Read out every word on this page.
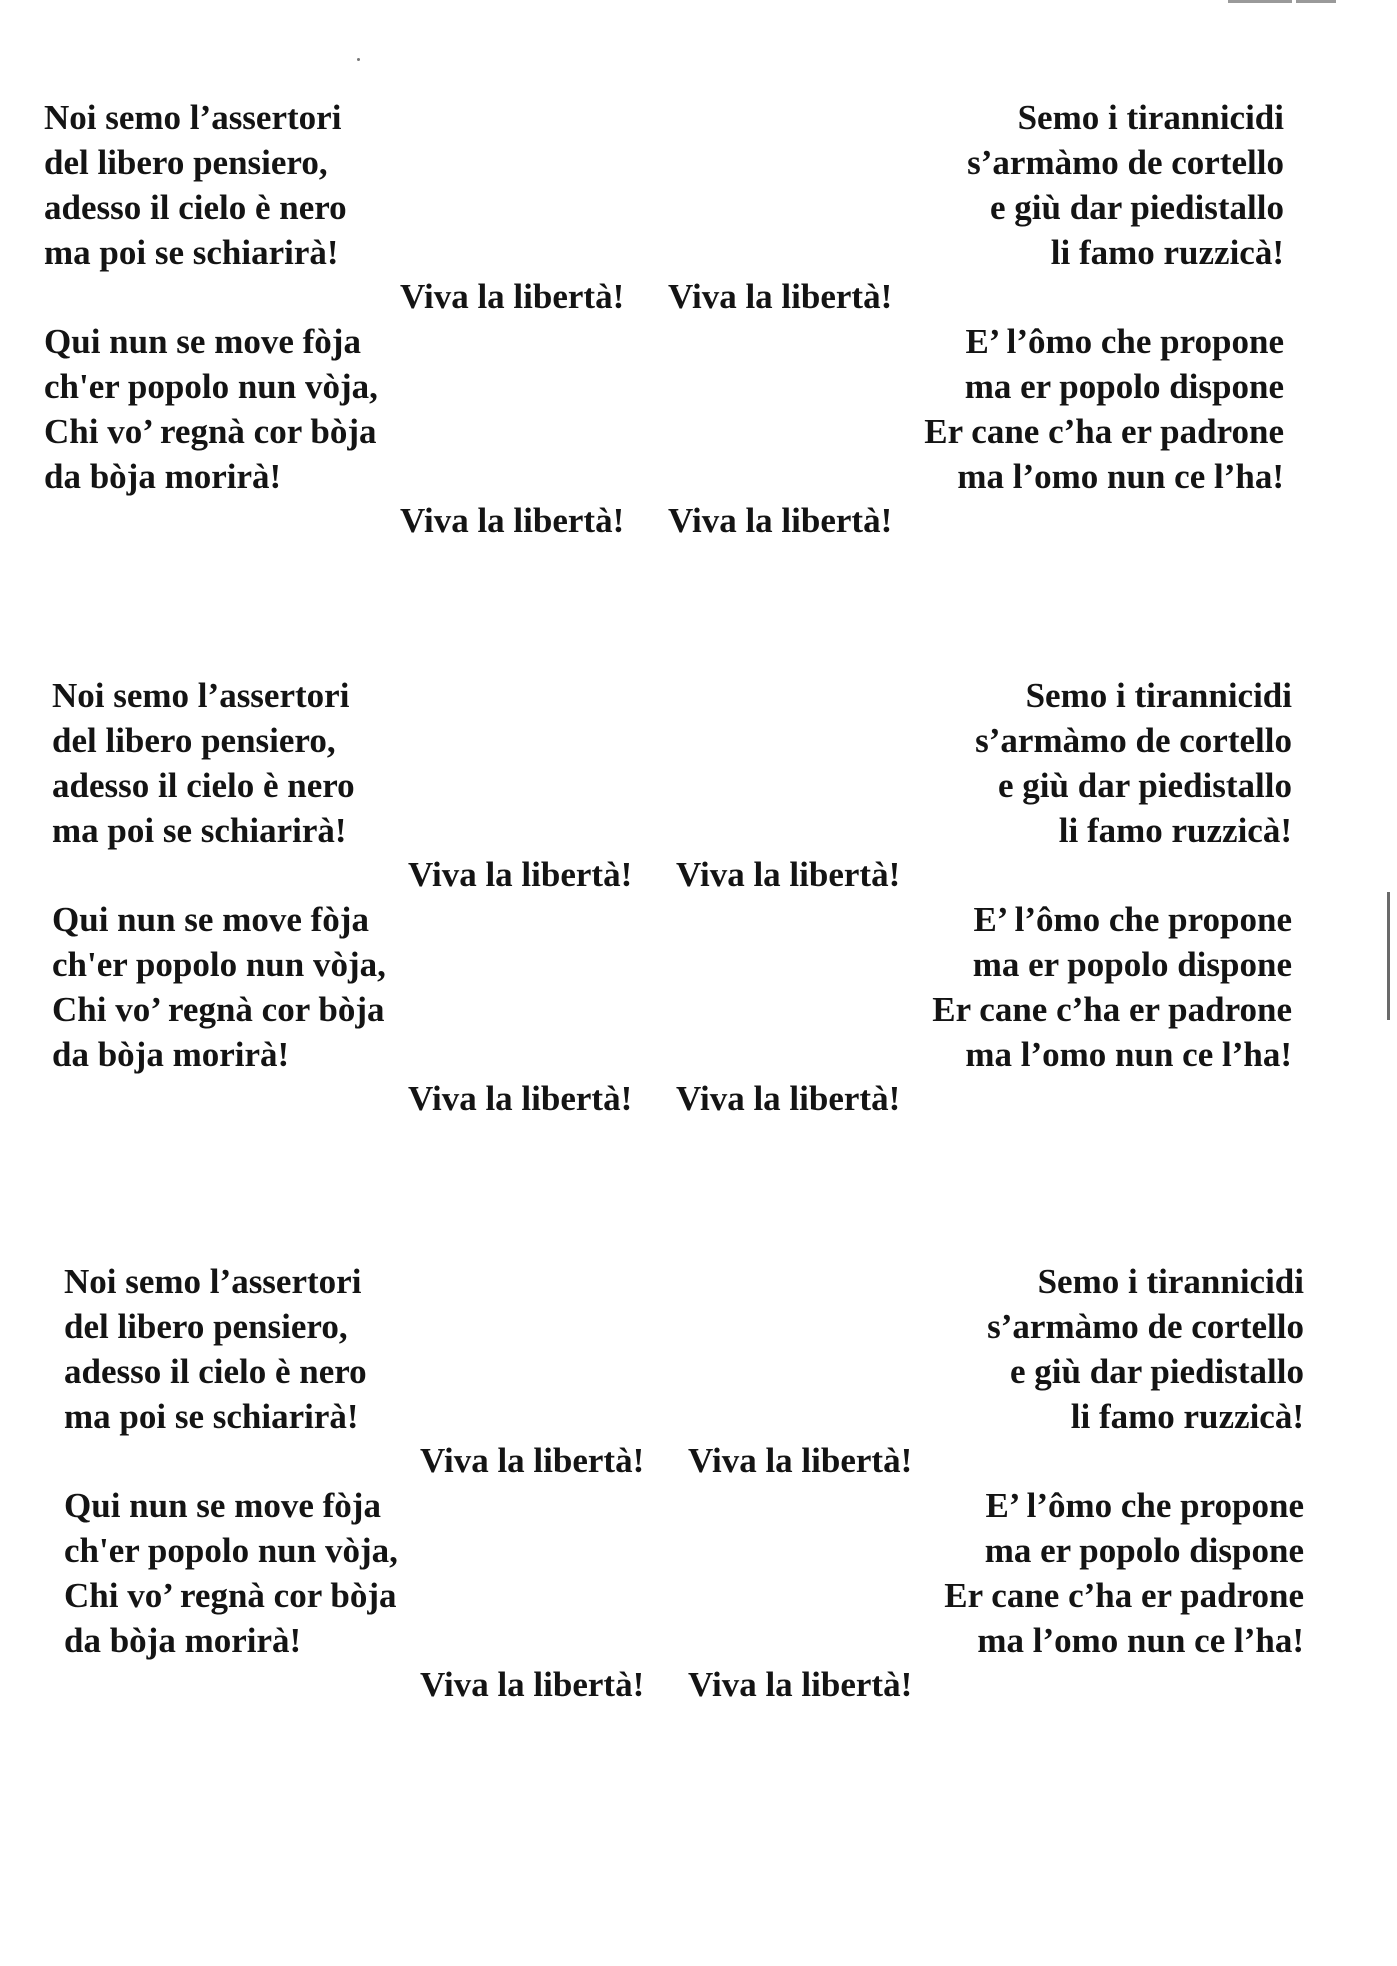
Noi semo l’assertori
del libero pensiero,
adesso il cielo è nero
ma poi se schiarirà!
Semo i tirannicidi
s’armàmo de cortello
e giù dar piedistallo
li famo ruzzicà!
Viva la libertà! Viva la libertà!
Qui nun se move fòja
ch'er popolo nun vòja,
Chi vo’ regnà cor bòja
da bòja morirà!
E’ l’ômo che propone
ma er popolo dispone
Er cane c’ha er padrone
ma l’omo nun ce l’ha!
Viva la libertà! Viva la libertà!
Noi semo l’assertori
del libero pensiero,
adesso il cielo è nero
ma poi se schiarirà!
Semo i tirannicidi
s’armàmo de cortello
e giù dar piedistallo
li famo ruzzicà!
Viva la libertà! Viva la libertà!
Qui nun se move fòja
ch'er popolo nun vòja,
Chi vo’ regnà cor bòja
da bòja morirà!
E’ l’ômo che propone
ma er popolo dispone
Er cane c’ha er padrone
ma l’omo nun ce l’ha!
Viva la libertà! Viva la libertà!
Noi semo l’assertori
del libero pensiero,
adesso il cielo è nero
ma poi se schiarirà!
Semo i tirannicidi
s’armàmo de cortello
e giù dar piedistallo
li famo ruzzicà!
Viva la libertà! Viva la libertà!
Qui nun se move fòja
ch'er popolo nun vòja,
Chi vo’ regnà cor bòja
da bòja morirà!
E’ l’ômo che propone
ma er popolo dispone
Er cane c’ha er padrone
ma l’omo nun ce l’ha!
Viva la libertà! Viva la libertà!
